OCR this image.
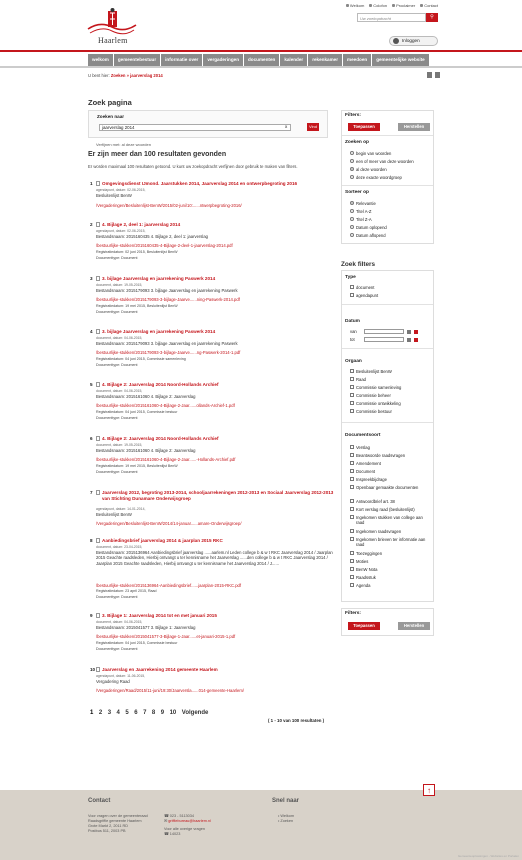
Welkom Colofon Proclaimer Contact
Haarlem
Uw zoekopdracht	⚲
Inloggen
welkom	gemeentebestuur	informatie over	vergaderingen	documenten	kalender	rekenkamer	meedoen	gemeentelijke website
U bent hier: Zoeken » jaarverslag 2014
Zoek pagina
Zoeken naar
jaarverslag 2014	x	Vind
Verfijnen met: al deze woorden
Er zijn meer dan 100 resultaten gevonden
Er worden maximaal 100 resultaten getoond. U kunt uw zoekopdracht verfijnen door gebruik te maken van filters.
1 Omgevingsdienst IJmond. Jaarstukken 2014, Jaarverslag 2014 en ontwerpbegroting 2016
agendapunt, datum: 02-06-2015,
Besluitenlijst BenW
/Vergaderingen/Besluitenlijst-BenW/2015/02-juni/10:......ntwerpbegroting-2016/
2 4. Bijlage 2, deel 1: jaarverslag 2014
agendapunt, datum: 02-06-2015,
Bestandsnaam: 2015160435 4. Bijlage 2, deel 1: jaarverslag
/bestuurlijke-stukken/2015160435-4-Bijlage-2-deel-1-jaarverslag-2014.pdf
Registratiedatum: 02 juni 2015, Besluitenlijst BenW
Documenttype: Document
3 3. bijlage Jaarverslag en jaarrekening Paswerk 2014
document, datum: 19-05-2015,
Bestandsnaam: 2015179093 3. bijlage Jaarverslag en jaarrekening Paswerk
/bestuurlijke-stukken/2015179093-3-bijlage-Jaarve......ning-Paswerk-2014.pdf
Registratiedatum: 19 mei 2015, Besluitenlijst BenW
Documenttype: Document
4 3. bijlage Jaarverslag en jaarrekening Paswerk 2014
document, datum: 04-06-2015,
Bestandsnaam: 2015179093 3. bijlage Jaarverslag en jaarrekening Paswerk
/bestuurlijke-stukken/2015179093-3-bijlage-Jaarve......ng-Paswerk-2014-1.pdf
Registratiedatum: 04 juni 2015, Commissie samenleving
Documenttype: Document
5 4. Bijlage 2: Jaarverslag 2014 Noord-Hollands Archief
document, datum: 04-06-2015,
Bestandsnaam: 2015161060 4. Bijlage 2: Jaarverslag
/bestuurlijke-stukken/2015161060-4-Bijlage-2-Jaar......ollands-Archief-1.pdf
Registratiedatum: 04 juni 2015, Commissie bestuur
Documenttype: Document
6 4. Bijlage 2: Jaarverslag 2014 Noord-Hollands Archief
document, datum: 19-05-2015,
Bestandsnaam: 2015161060 4. Bijlage 2: Jaarverslag
/bestuurlijke-stukken/2015161060-4-Bijlage-2-Jaar......-Hollands-Archief.pdf
Registratiedatum: 19 mei 2015, Besluitenlijst BenW
Documenttype: Document
7 Jaarverslag 2012, begroting 2013-2014, schooljaarrekeningen 2012-2013 en Sociaal Jaarverslag 2012-2013 van Stichting Dunamare Onderwijsgroep
agendapunt, datum: 14-01-2014,
Besluitenlijst BenW
/Vergaderingen/Besluitenlijst-BenW/2014/14-januar......amare-Onderwijsgroep/
8 Aanbiedingsbrief jaarverslag 2014 & jaarplan 2015 RKC
document, datum: 23-04-2015,
Bestandsnaam: 2015136964 Aanbiedingsbrief jaarverslag ......aarlem.nl Leden college b & w t RKC Jaarverslag 2014 / Jaarplan 2015 Geachte raadsleden, Hierbij ontvangt u ter kennisname het Jaarverslag ......den college b & w t RKC Jaarverslag 2014 / Jaarplan 2015 Geachte raadsleden, Hierbij ontvangt u ter kennisname het Jaarverslag 2014 / J......
/bestuurlijke-stukken/2015136964-Aanbiedingsbrief......jaarplan-2015-RKC.pdf
Registratiedatum: 23 april 2015, Raad
Documenttype: Document
9 3. Bijlage 1: Jaarverslag 2014 tot en met januari 2015
document, datum: 04-06-2015,
Bestandsnaam: 2015041577 3. Bijlage 1: Jaarverslag
/bestuurlijke-stukken/2015041577-3-Bijlage-1-Jaar......et-januari-2015-1.pdf
Registratiedatum: 04 juni 2015, Commissie bestuur
Documenttype: Document
10 Jaarverslag en Jaarrekening 2014 gemeente Haarlem
agendapunt, datum: 11-06-2015,
Vergadering Raad
/Vergaderingen/Raad/2015/11-juni/19:30/Jaarversla......014-gemeente-Haarlem/
1 2 3 4 5 6 7 8 9 10 Volgende
( 1 - 10 van 100 resultaten )
Filters:
Toepassen	Herstellen
Zoeken op
begin van woorden
een of meer van deze woorden
al deze woorden
deze exacte woordgroep
Sorteer op
Relevantie
Titel A-Z
Titel Z-A
Datum oplopend
Datum aflopend
Zoek filters
Type
document
agendapunt
Datum
van
tot
Orgaan
Besluitenlijst BenW
Raad
Commissie samenleving
Commissie beheer
Commissie ontwikkeling
Commissie bestuur
Documentsoort
Verslag
Beantwoorde raadsvragen
Amendement
Document
Inspreekbijdrage
Openbaar gemaakte documenten
Antwoordbrief art. 38
Kort verslag raad (besluitenlijst)
Ingekomen stukken van college aan raad
Ingekomen raadsvragen
Ingekomen brieven ter informatie aan raad
Toezeggingen
Moties
BenW Nota
Raadsstuk
Agenda
Filters:
Toepassen	Herstellen
Contact
Voor vragen over de gemeenteraad
Raadsgriffie gemeente Haarlem
Grote Markt 2, 2011 RD
Postbus 511, 2003 PB
☎ 023 - 5113034
✉ griffiebureau@haarlem.nl
Voor alle overige vragen
☎ 14023
Snel naar
• Welkom
• Zoeken
Gemeenteoplossingen - Websites en Portalen
↑
